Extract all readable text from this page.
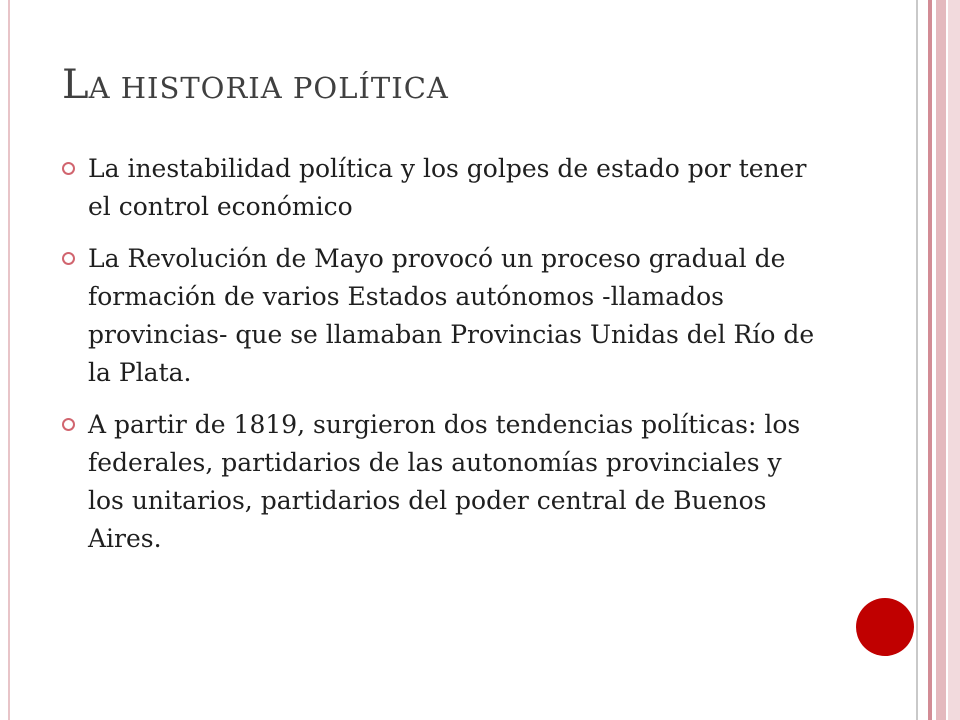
LA HISTORIA POLÍTICA
La inestabilidad política y los golpes de estado por tener el control económico
La Revolución de Mayo provocó un proceso gradual de formación de varios Estados autónomos -llamados provincias- que se llamaban Provincias Unidas del Río de la Plata.
A partir de 1819, surgieron dos tendencias políticas: los federales, partidarios de las autonomías provinciales y los unitarios, partidarios del poder central de Buenos Aires.
